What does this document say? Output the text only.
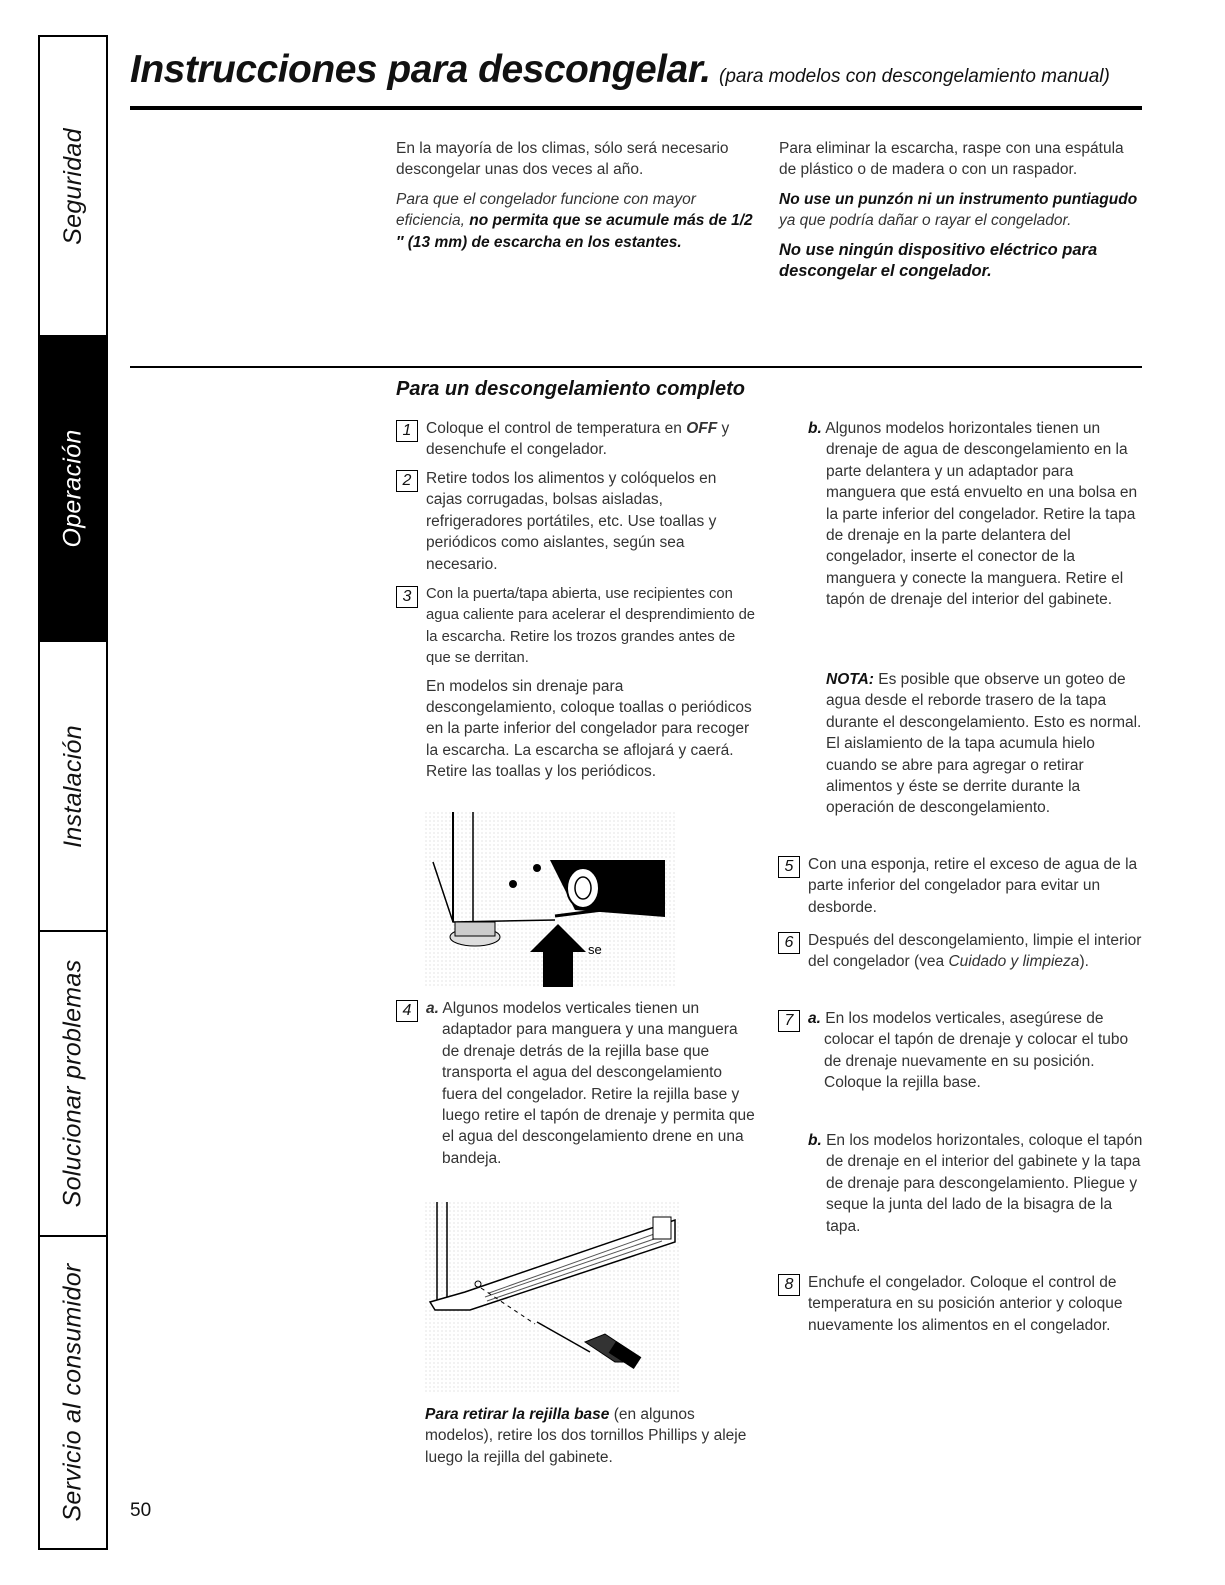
Seguridad
Operación
Instalación
Solucionar problemas
Servicio al consumidor
Instrucciones para descongelar. (para modelos con descongelamiento manual)

En la mayoría de los climas, sólo será necesario descongelar unas dos veces al año.

Para que el congelador funcione con mayor eficiencia, no permita que se acumule más de 1/2 ″ (13 mm) de escarcha en los estantes.

Para eliminar la escarcha, raspe con una espátula de plástico o de madera o con un raspador.

No use un punzón ni un instrumento puntiagudo ya que podría dañar o rayar el congelador.

No use ningún dispositivo eléctrico para descongelar el congelador.

Para un descongelamiento completo
1 Coloque el control de temperatura en OFF y desenchufe el congelador.
2 Retire todos los alimentos y colóquelos en cajas corrugadas, bolsas aisladas, refrigeradores portátiles, etc. Use toallas y periódicos como aislantes, según sea necesario.
3 Con la puerta/tapa abierta, use recipientes con agua caliente para acelerar el desprendimiento de la escarcha. Retire los trozos grandes antes de que se derritan.
En modelos sin drenaje para descongelamiento, coloque toallas o periódicos en la parte inferior del congelador para recoger la escarcha. La escarcha se aflojará y caerá. Retire las toallas y los periódicos.
se
4 a. Algunos modelos verticales tienen un adaptador para manguera y una manguera de drenaje detrás de la rejilla base que transporta el agua del descongelamiento fuera del congelador. Retire la rejilla base y luego retire el tapón de drenaje y permita que el agua del descongelamiento drene en una bandeja.
Para retirar la rejilla base (en algunos modelos), retire los dos tornillos Phillips y aleje luego la rejilla del gabinete.
b. Algunos modelos horizontales tienen un drenaje de agua de descongelamiento en la parte delantera y un adaptador para manguera que está envuelto en una bolsa en la parte inferior del congelador. Retire la tapa de drenaje en la parte delantera del congelador, inserte el conector de la manguera y conecte la manguera. Retire el tapón de drenaje del interior del gabinete.
NOTA: Es posible que observe un goteo de agua desde el reborde trasero de la tapa durante el descongelamiento. Esto es normal. El aislamiento de la tapa acumula hielo cuando se abre para agregar o retirar alimentos y éste se derrite durante la operación de descongelamiento.
5 Con una esponja, retire el exceso de agua de la parte inferior del congelador para evitar un desborde.
6 Después del descongelamiento, limpie el interior del congelador (vea Cuidado y limpieza).
7 a. En los modelos verticales, asegúrese de colocar el tapón de drenaje y colocar el tubo de drenaje nuevamente en su posición. Coloque la rejilla base.
b. En los modelos horizontales, coloque el tapón de drenaje en el interior del gabinete y la tapa de drenaje para descongelamiento. Pliegue y seque la junta del lado de la bisagra de la tapa.
8 Enchufe el congelador. Coloque el control de temperatura en su posición anterior y coloque nuevamente los alimentos en el congelador.
50
